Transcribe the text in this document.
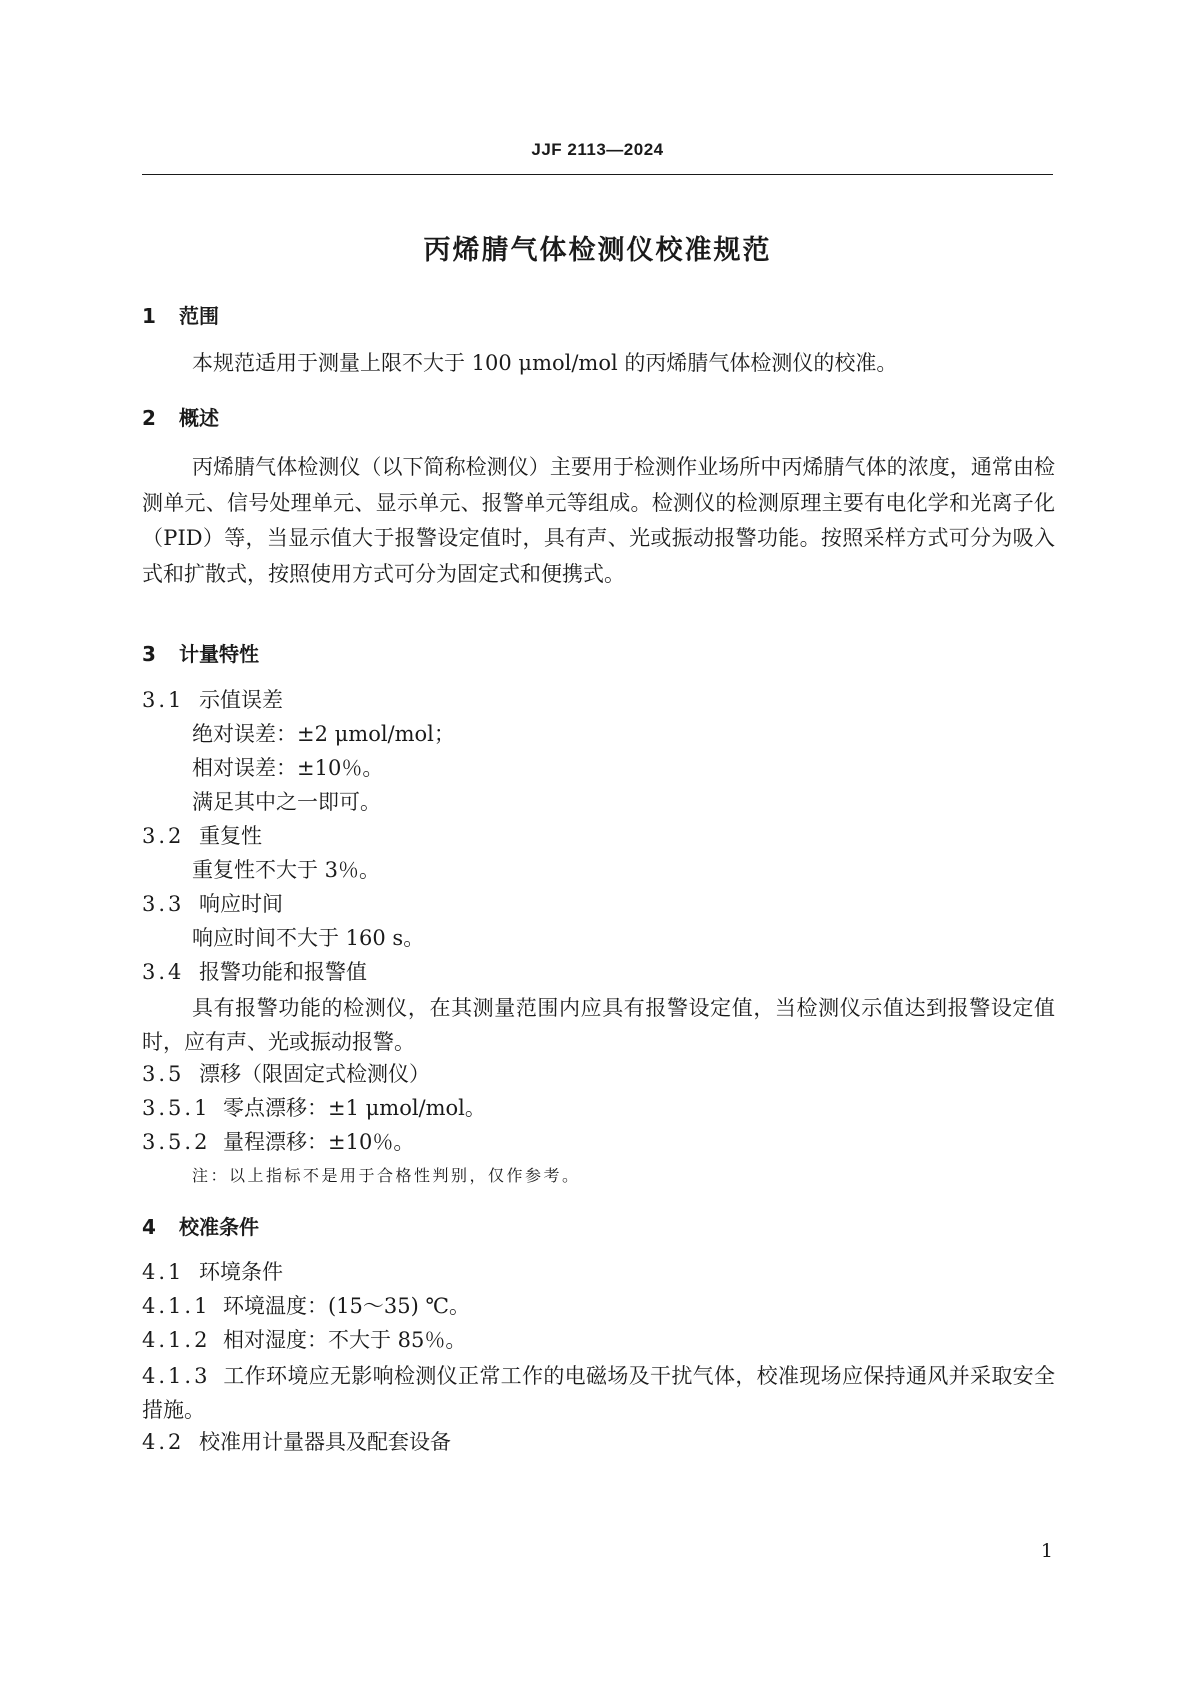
JJF 2113—2024
丙烯腈气体检测仪校准规范
1 范围

本规范适用于测量上限不大于 100 μmol/mol 的丙烯腈气体检测仪的校准。

2 概述

丙烯腈气体检测仪（以下简称检测仪）主要用于检测作业场所中丙烯腈气体的浓度，通常由检测单元、信号处理单元、显示单元、报警单元等组成。检测仪的检测原理主要有电化学和光离子化（PID）等，当显示值大于报警设定值时，具有声、光或振动报警功能。按照采样方式可分为吸入式和扩散式，按照使用方式可分为固定式和便携式。

3 计量特性
3.1 示值误差
绝对误差：±2 μmol/mol；
相对误差：±10％。
满足其中之一即可。
3.2 重复性
重复性不大于 3％。
3.3 响应时间
响应时间不大于 160 s。
3.4 报警功能和报警值

具有报警功能的检测仪，在其测量范围内应具有报警设定值，当检测仪示值达到报警设定值时，应有声、光或振动报警。

3.5 漂移（限固定式检测仪）
3.5.1 零点漂移：±1 μmol/mol。
3.5.2 量程漂移：±10％。
注：以上指标不是用于合格性判别，仅作参考。
4 校准条件
4.1 环境条件
4.1.1 环境温度：(15～35) ℃。
4.1.2 相对湿度：不大于 85％。

4.1.3 工作环境应无影响检测仪正常工作的电磁场及干扰气体，校准现场应保持通风并采取安全措施。

4.2 校准用计量器具及配套设备
1
